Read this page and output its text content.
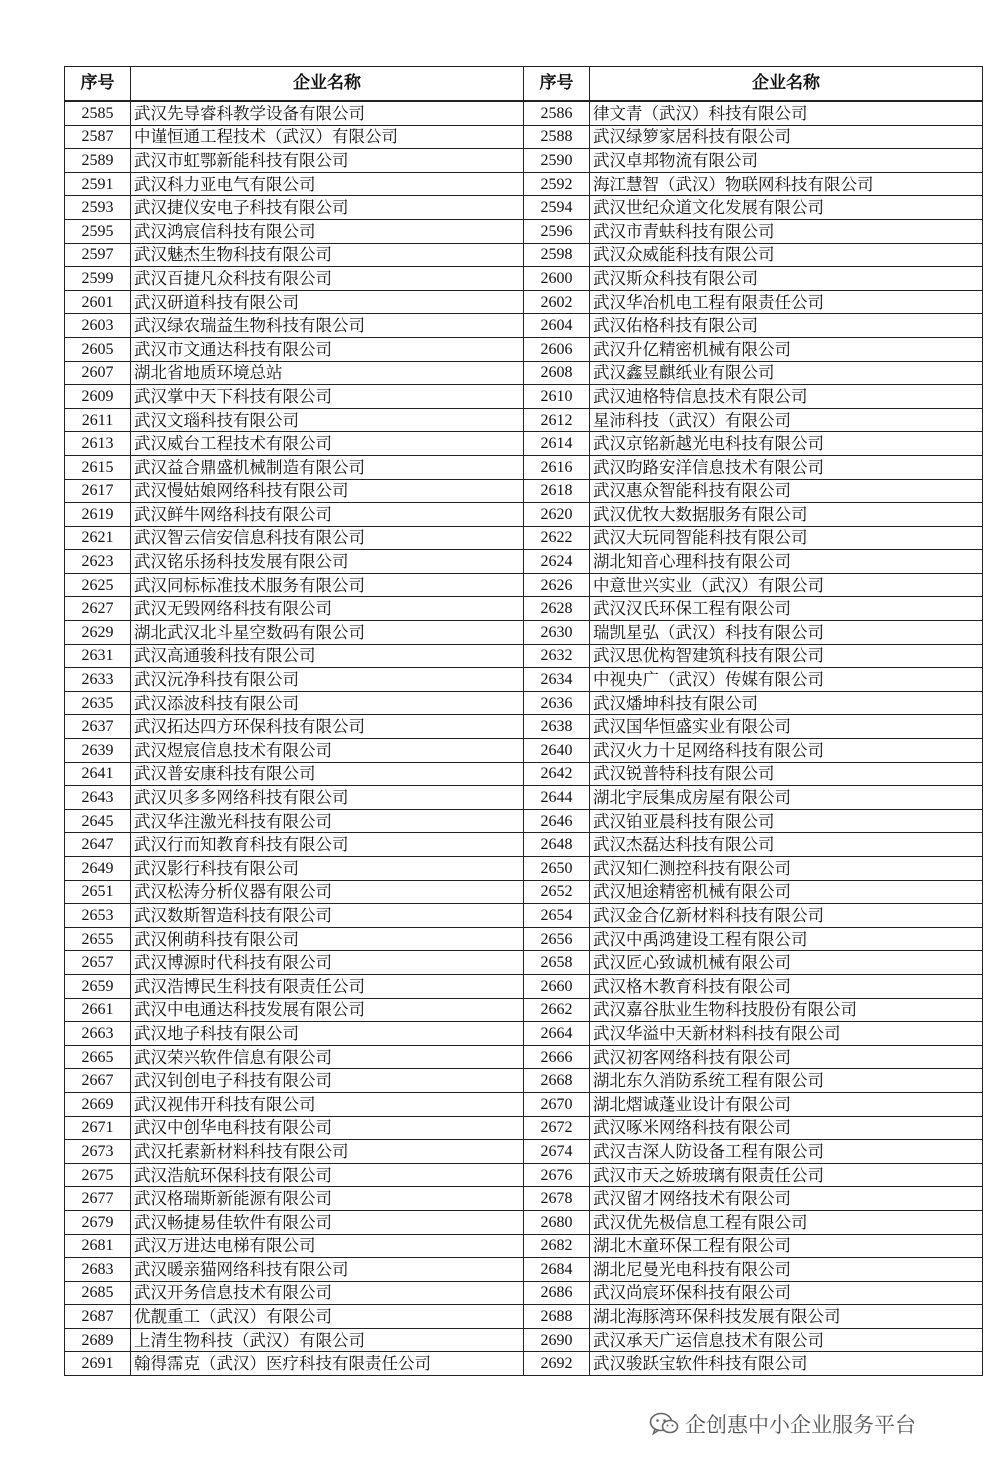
序号	企业名称	序号	企业名称
2585	武汉先导睿科教学设备有限公司	2586	律文青（武汉）科技有限公司
2587	中谨恒通工程技术（武汉）有限公司	2588	武汉绿箩家居科技有限公司
2589	武汉市虹鄂新能科技有限公司	2590	武汉卓邦物流有限公司
2591	武汉科力亚电气有限公司	2592	海江慧智（武汉）物联网科技有限公司
2593	武汉捷仪安电子科技有限公司	2594	武汉世纪众道文化发展有限公司
2595	武汉鸿宸信科技有限公司	2596	武汉市青蚨科技有限公司
2597	武汉魅杰生物科技有限公司	2598	武汉众威能科技有限公司
2599	武汉百捷凡众科技有限公司	2600	武汉斯众科技有限公司
2601	武汉研道科技有限公司	2602	武汉华冶机电工程有限责任公司
2603	武汉绿农瑞益生物科技有限公司	2604	武汉佑格科技有限公司
2605	武汉市文通达科技有限公司	2606	武汉升亿精密机械有限公司
2607	湖北省地质环境总站	2608	武汉鑫昱麒纸业有限公司
2609	武汉掌中天下科技有限公司	2610	武汉迪格特信息技术有限公司
2611	武汉文瑙科技有限公司	2612	星沛科技（武汉）有限公司
2613	武汉威台工程技术有限公司	2614	武汉京铭新越光电科技有限公司
2615	武汉益合鼎盛机械制造有限公司	2616	武汉昀路安洋信息技术有限公司
2617	武汉慢姑娘网络科技有限公司	2618	武汉惠众智能科技有限公司
2619	武汉鲜牛网络科技有限公司	2620	武汉优牧大数据服务有限公司
2621	武汉智云信安信息科技有限公司	2622	武汉大玩同智能科技有限公司
2623	武汉铭乐扬科技发展有限公司	2624	湖北知音心理科技有限公司
2625	武汉同标标准技术服务有限公司	2626	中意世兴实业（武汉）有限公司
2627	武汉无毁网络科技有限公司	2628	武汉汉氏环保工程有限公司
2629	湖北武汉北斗星空数码有限公司	2630	瑞凯星弘（武汉）科技有限公司
2631	武汉高通骏科技有限公司	2632	武汉思优构智建筑科技有限公司
2633	武汉沅净科技有限公司	2634	中视央广（武汉）传媒有限公司
2635	武汉添波科技有限公司	2636	武汉燔坤科技有限公司
2637	武汉拓达四方环保科技有限公司	2638	武汉国华恒盛实业有限公司
2639	武汉煜宸信息技术有限公司	2640	武汉火力十足网络科技有限公司
2641	武汉普安康科技有限公司	2642	武汉锐普特科技有限公司
2643	武汉贝多多网络科技有限公司	2644	湖北宇辰集成房屋有限公司
2645	武汉华注激光科技有限公司	2646	武汉铂亚晨科技有限公司
2647	武汉行而知教育科技有限公司	2648	武汉杰磊达科技有限公司
2649	武汉影行科技有限公司	2650	武汉知仁测控科技有限公司
2651	武汉松涛分析仪器有限公司	2652	武汉旭途精密机械有限公司
2653	武汉数斯智造科技有限公司	2654	武汉金合亿新材料科技有限公司
2655	武汉俐萌科技有限公司	2656	武汉中禹鸿建设工程有限公司
2657	武汉博源时代科技有限公司	2658	武汉匠心致诚机械有限公司
2659	武汉浩博民生科技有限责任公司	2660	武汉格木教育科技有限公司
2661	武汉中电通达科技发展有限公司	2662	武汉嘉谷肽业生物科技股份有限公司
2663	武汉地子科技有限公司	2664	武汉华溢中天新材料科技有限公司
2665	武汉荣兴软件信息有限公司	2666	武汉初客网络科技有限公司
2667	武汉钊创电子科技有限公司	2668	湖北东久消防系统工程有限公司
2669	武汉视伟开科技有限公司	2670	湖北熠诚蓬业设计有限公司
2671	武汉中创华电科技有限公司	2672	武汉啄米网络科技有限公司
2673	武汉托素新材料科技有限公司	2674	武汉吉深人防设备工程有限公司
2675	武汉浩航环保科技有限公司	2676	武汉市天之娇玻璃有限责任公司
2677	武汉格瑞斯新能源有限公司	2678	武汉留才网络技术有限公司
2679	武汉畅捷易佳软件有限公司	2680	武汉优先极信息工程有限公司
2681	武汉万进达电梯有限公司	2682	湖北木童环保工程有限公司
2683	武汉暖亲猫网络科技有限公司	2684	湖北尼曼光电科技有限公司
2685	武汉开务信息技术有限公司	2686	武汉尚宸环保科技有限公司
2687	优靓重工（武汉）有限公司	2688	湖北海豚湾环保科技发展有限公司
2689	上清生物科技（武汉）有限公司	2690	武汉承天广运信息技术有限公司
2691	翰得霈克（武汉）医疗科技有限责任公司	2692	武汉骏跃宝软件科技有限公司
企创惠中小企业服务平台
